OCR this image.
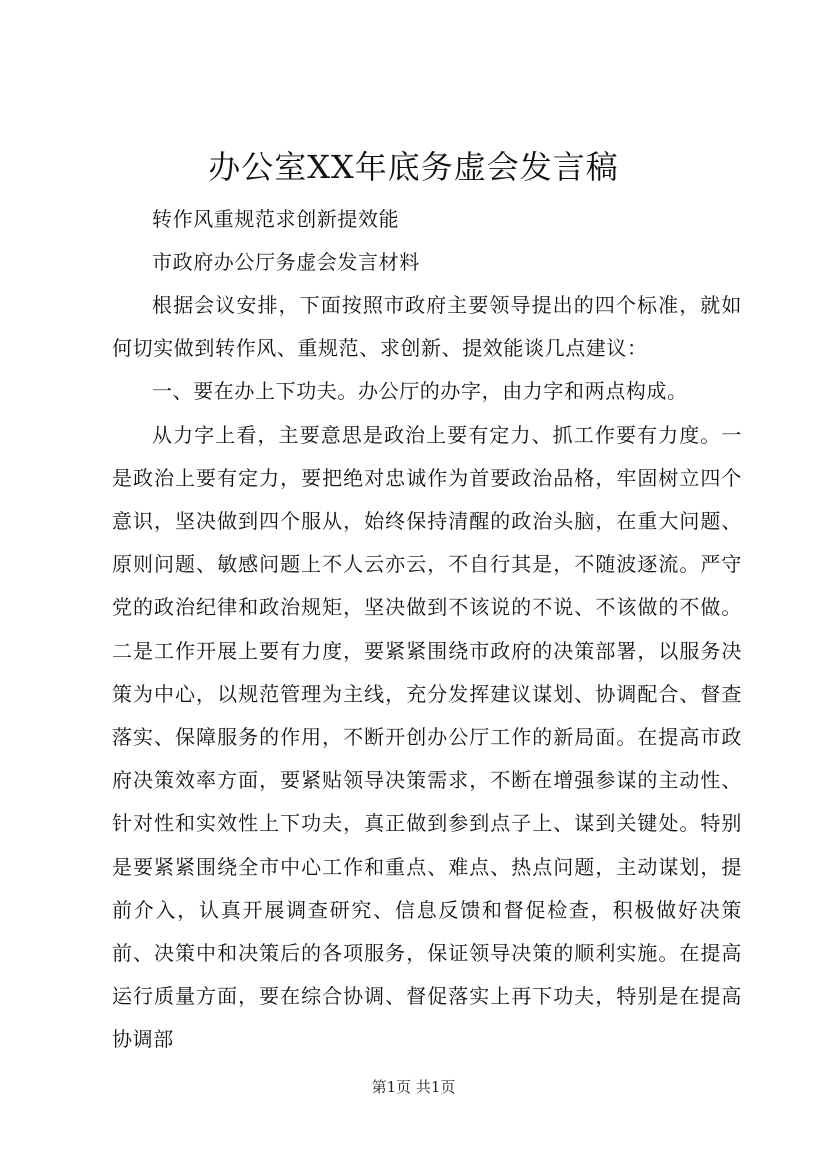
办公室XX年底务虚会发言稿

转作风重规范求创新提效能

市政府办公厅务虚会发言材料

根据会议安排，下面按照市政府主要领导提出的四个标准，就如何切实做到转作风、重规范、求创新、提效能谈几点建议：

一、要在办上下功夫。办公厅的办字，由力字和两点构成。

从力字上看，主要意思是政治上要有定力、抓工作要有力度。一是政治上要有定力，要把绝对忠诚作为首要政治品格，牢固树立四个意识，坚决做到四个服从，始终保持清醒的政治头脑，在重大问题、原则问题、敏感问题上不人云亦云，不自行其是，不随波逐流。严守党的政治纪律和政治规矩，坚决做到不该说的不说、不该做的不做。二是工作开展上要有力度，要紧紧围绕市政府的决策部署，以服务决策为中心，以规范管理为主线，充分发挥建议谋划、协调配合、督查落实、保障服务的作用，不断开创办公厅工作的新局面。在提高市政府决策效率方面，要紧贴领导决策需求，不断在增强参谋的主动性、针对性和实效性上下功夫，真正做到参到点子上、谋到关键处。特别是要紧紧围绕全市中心工作和重点、难点、热点问题，主动谋划，提前介入，认真开展调查研究、信息反馈和督促检查，积极做好决策前、决策中和决策后的各项服务，保证领导决策的顺利实施。在提高运行质量方面，要在综合协调、督促落实上再下功夫，特别是在提高协调部

第1页 共1页
